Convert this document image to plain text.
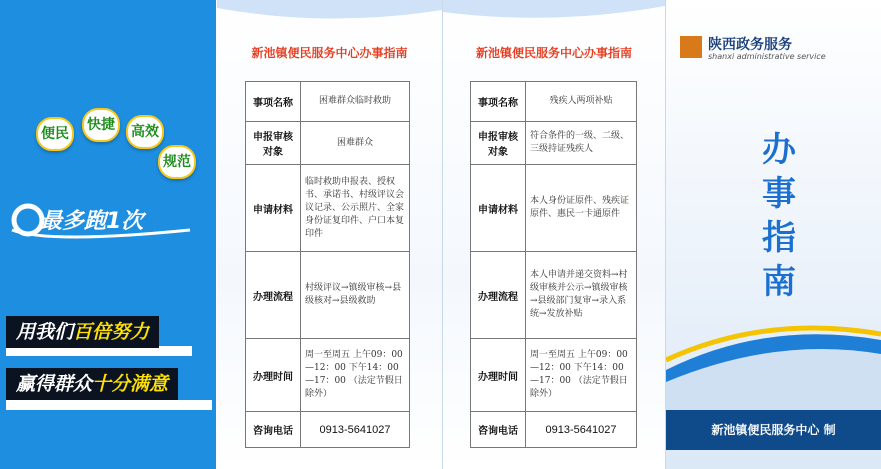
便民
快捷	高效
规范
最多跑1次
用我们百倍努力
赢得群众十分满意
新池镇便民服务中心办事指南
事项名称	困难群众临时救助
申报审核对象	困难群众
申请材料	临时救助申报表、授权书、承诺书、村级评议会议记录、公示照片、全家身份证复印件、户口本复印件
办理流程	村级评议→镇级审核→县级核对→县级救助
办理时间	周一至周五 上午09：00—12：00 下午14：00—17：00 （法定节假日除外）
咨询电话	0913-5641027
新池镇便民服务中心办事指南
事项名称	残疾人两项补贴
申报审核对象	符合条件的一级、二级、三级持证残疾人
申请材料	本人身份证原件、残疾证原件、惠民一卡通原件
办理流程	本人申请并递交资料→村级审核并公示→镇级审核→县级部门复审→录入系统→发放补贴
办理时间	周一至周五 上午09：00—12：00 下午14：00—17：00 （法定节假日除外）
咨询电话	0913-5641027
陕西政务服务
shanxi administrative service
办事指南
新池镇便民服务中心 制
